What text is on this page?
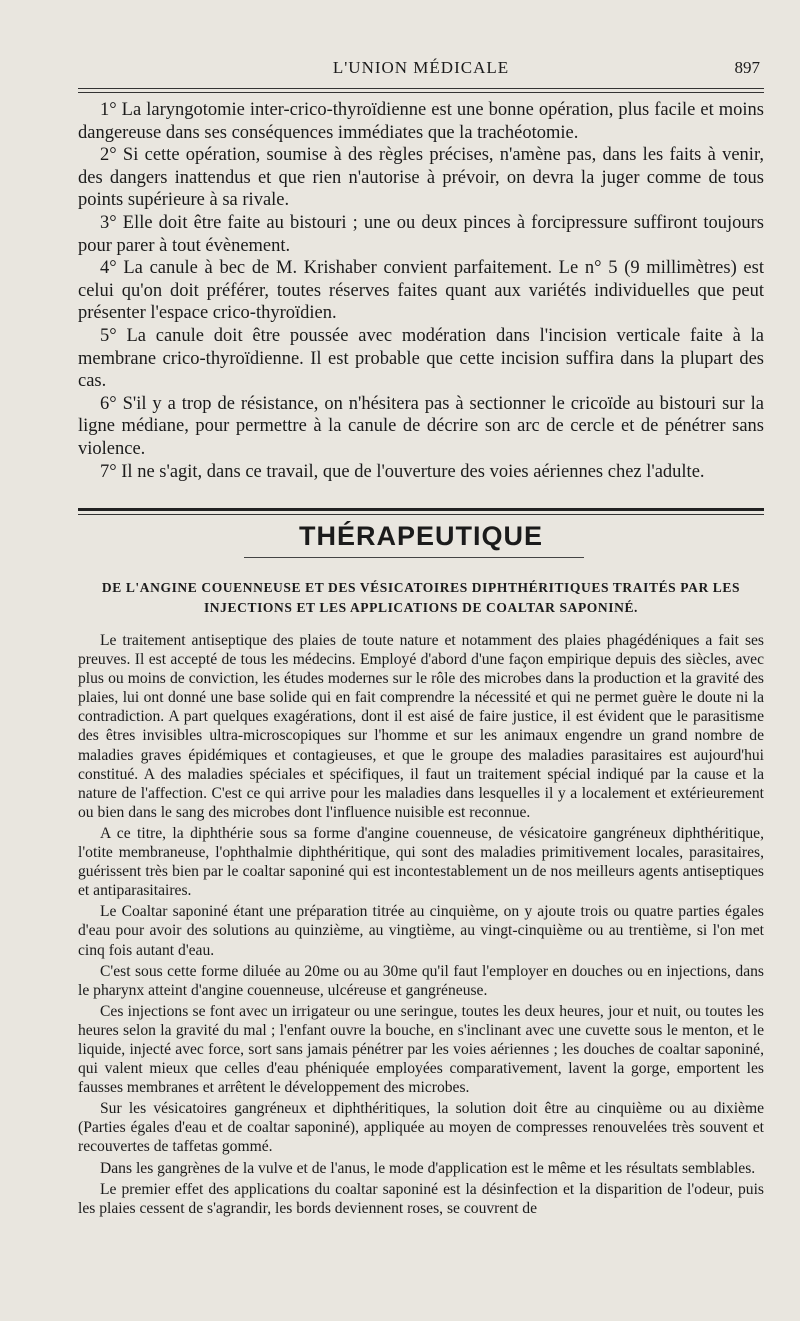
L'UNION MÉDICALE	897

1° La laryngotomie inter-crico-thyroïdienne est une bonne opération, plus facile et moins dangereuse dans ses conséquences immédiates que la trachéotomie.

2° Si cette opération, soumise à des règles précises, n'amène pas, dans les faits à venir, des dangers inattendus et que rien n'autorise à prévoir, on devra la juger comme de tous points supérieure à sa rivale.

3° Elle doit être faite au bistouri ; une ou deux pinces à forcipressure suffiront toujours pour parer à tout évènement.

4° La canule à bec de M. Krishaber convient parfaitement. Le n° 5 (9 millimètres) est celui qu'on doit préférer, toutes réserves faites quant aux variétés individuelles que peut présenter l'espace crico-thyroïdien.

5° La canule doit être poussée avec modération dans l'incision verticale faite à la membrane crico-thyroïdienne. Il est probable que cette incision suffira dans la plupart des cas.

6° S'il y a trop de résistance, on n'hésitera pas à sectionner le cricoïde au bistouri sur la ligne médiane, pour permettre à la canule de décrire son arc de cercle et de pénétrer sans violence.

7° Il ne s'agit, dans ce travail, que de l'ouverture des voies aériennes chez l'adulte.

THÉRAPEUTIQUE
DE L'ANGINE COUENNEUSE ET DES VÉSICATOIRES DIPHTHÉRITIQUES TRAITÉS PAR LES INJECTIONS ET LES APPLICATIONS DE COALTAR SAPONINÉ.

Le traitement antiseptique des plaies de toute nature et notamment des plaies phagédéniques a fait ses preuves. Il est accepté de tous les médecins. Employé d'abord d'une façon empirique depuis des siècles, avec plus ou moins de conviction, les études modernes sur le rôle des microbes dans la production et la gravité des plaies, lui ont donné une base solide qui en fait comprendre la nécessité et qui ne permet guère le doute ni la contradiction. A part quelques exagérations, dont il est aisé de faire justice, il est évident que le parasitisme des êtres invisibles ultra-microscopiques sur l'homme et sur les animaux engendre un grand nombre de maladies graves épidémiques et contagieuses, et que le groupe des maladies parasitaires est aujourd'hui constitué. A des maladies spéciales et spécifiques, il faut un traitement spécial indiqué par la cause et la nature de l'affection. C'est ce qui arrive pour les maladies dans lesquelles il y a localement et extérieurement ou bien dans le sang des microbes dont l'influence nuisible est reconnue.

A ce titre, la diphthérie sous sa forme d'angine couenneuse, de vésicatoire gangréneux diphthéritique, l'otite membraneuse, l'ophthalmie diphthéritique, qui sont des maladies primitivement locales, parasitaires, guérissent très bien par le coaltar saponiné qui est incontestablement un de nos meilleurs agents antiseptiques et antiparasitaires.

Le Coaltar saponiné étant une préparation titrée au cinquième, on y ajoute trois ou quatre parties égales d'eau pour avoir des solutions au quinzième, au vingtième, au vingt-cinquième ou au trentième, si l'on met cinq fois autant d'eau.

C'est sous cette forme diluée au 20me ou au 30me qu'il faut l'employer en douches ou en injections, dans le pharynx atteint d'angine couenneuse, ulcéreuse et gangréneuse.

Ces injections se font avec un irrigateur ou une seringue, toutes les deux heures, jour et nuit, ou toutes les heures selon la gravité du mal ; l'enfant ouvre la bouche, en s'inclinant avec une cuvette sous le menton, et le liquide, injecté avec force, sort sans jamais pénétrer par les voies aériennes ; les douches de coaltar saponiné, qui valent mieux que celles d'eau phéniquée employées comparativement, lavent la gorge, emportent les fausses membranes et arrêtent le développement des microbes.

Sur les vésicatoires gangréneux et diphthéritiques, la solution doit être au cinquième ou au dixième (Parties égales d'eau et de coaltar saponiné), appliquée au moyen de compresses renouvelées très souvent et recouvertes de taffetas gommé.

Dans les gangrènes de la vulve et de l'anus, le mode d'application est le même et les résultats semblables.

Le premier effet des applications du coaltar saponiné est la désinfection et la disparition de l'odeur, puis les plaies cessent de s'agrandir, les bords deviennent roses, se couvrent de
